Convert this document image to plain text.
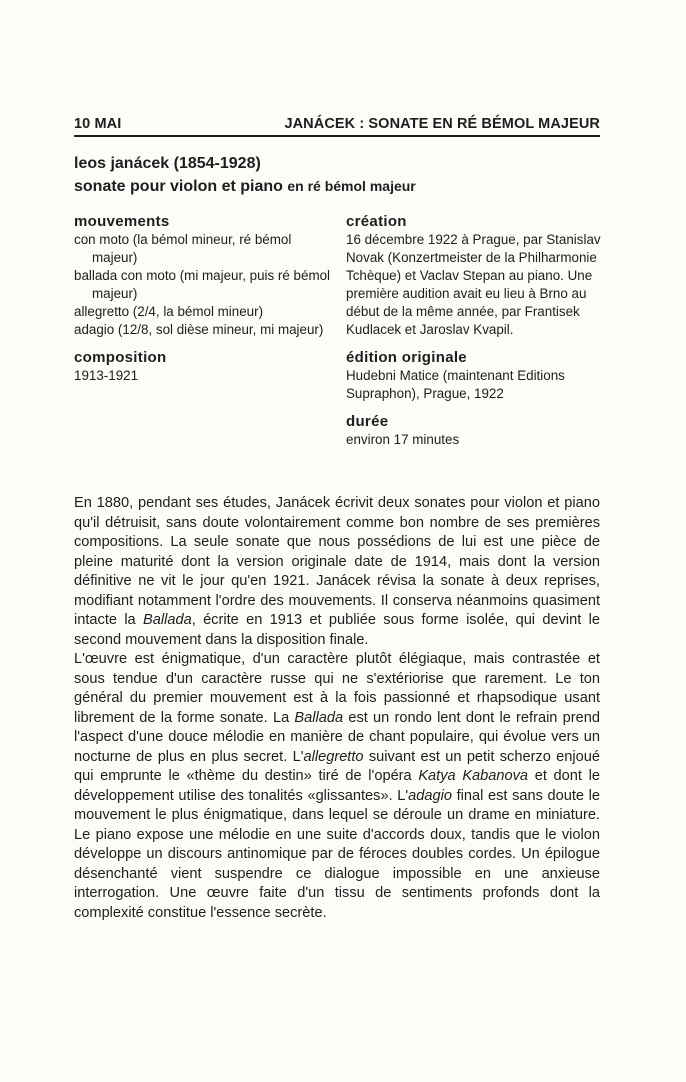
10 MAI	JANÁCEK : SONATE EN RÉ BÉMOL MAJEUR
leos janácek (1854-1928)
sonate pour violon et piano en ré bémol majeur
mouvements
con moto (la bémol mineur, ré bémol majeur)
ballada con moto (mi majeur, puis ré bémol majeur)
allegretto (2/4, la bémol mineur)
adagio (12/8, sol dièse mineur, mi majeur)
composition

1913-1921

création

16 décembre 1922 à Prague, par Stanislav Novak (Konzertmeister de la Philharmonie Tchèque) et Vaclav Stepan au piano. Une première audition avait eu lieu à Brno au début de la même année, par Frantisek Kudlacek et Jaroslav Kvapil.

édition originale

Hudebni Matice (maintenant Editions Supraphon), Prague, 1922

durée

environ 17 minutes

En 1880, pendant ses études, Janácek écrivit deux sonates pour violon et piano qu'il détruisit, sans doute volontairement comme bon nombre de ses premières compositions. La seule sonate que nous possédions de lui est une pièce de pleine maturité dont la version originale date de 1914, mais dont la version définitive ne vit le jour qu'en 1921. Janácek révisa la sonate à deux reprises, modifiant notamment l'ordre des mouvements. Il conserva néanmoins quasiment intacte la Ballada, écrite en 1913 et publiée sous forme isolée, qui devint le second mouvement dans la disposition finale.

L'œuvre est énigmatique, d'un caractère plutôt élégiaque, mais contrastée et sous tendue d'un caractère russe qui ne s'extériorise que rarement. Le ton général du premier mouvement est à la fois passionné et rhapsodique usant librement de la forme sonate. La Ballada est un rondo lent dont le refrain prend l'aspect d'une douce mélodie en manière de chant populaire, qui évolue vers un nocturne de plus en plus secret. L'allegretto suivant est un petit scherzo enjoué qui emprunte le «thème du destin» tiré de l'opéra Katya Kabanova et dont le développement utilise des tonalités «glissantes». L'adagio final est sans doute le mouvement le plus énigmatique, dans lequel se déroule un drame en miniature. Le piano expose une mélodie en une suite d'accords doux, tandis que le violon développe un discours antinomique par de féroces doubles cordes. Un épilogue désenchanté vient suspendre ce dialogue impossible en une anxieuse interrogation. Une œuvre faite d'un tissu de sentiments profonds dont la complexité constitue l'essence secrète.
